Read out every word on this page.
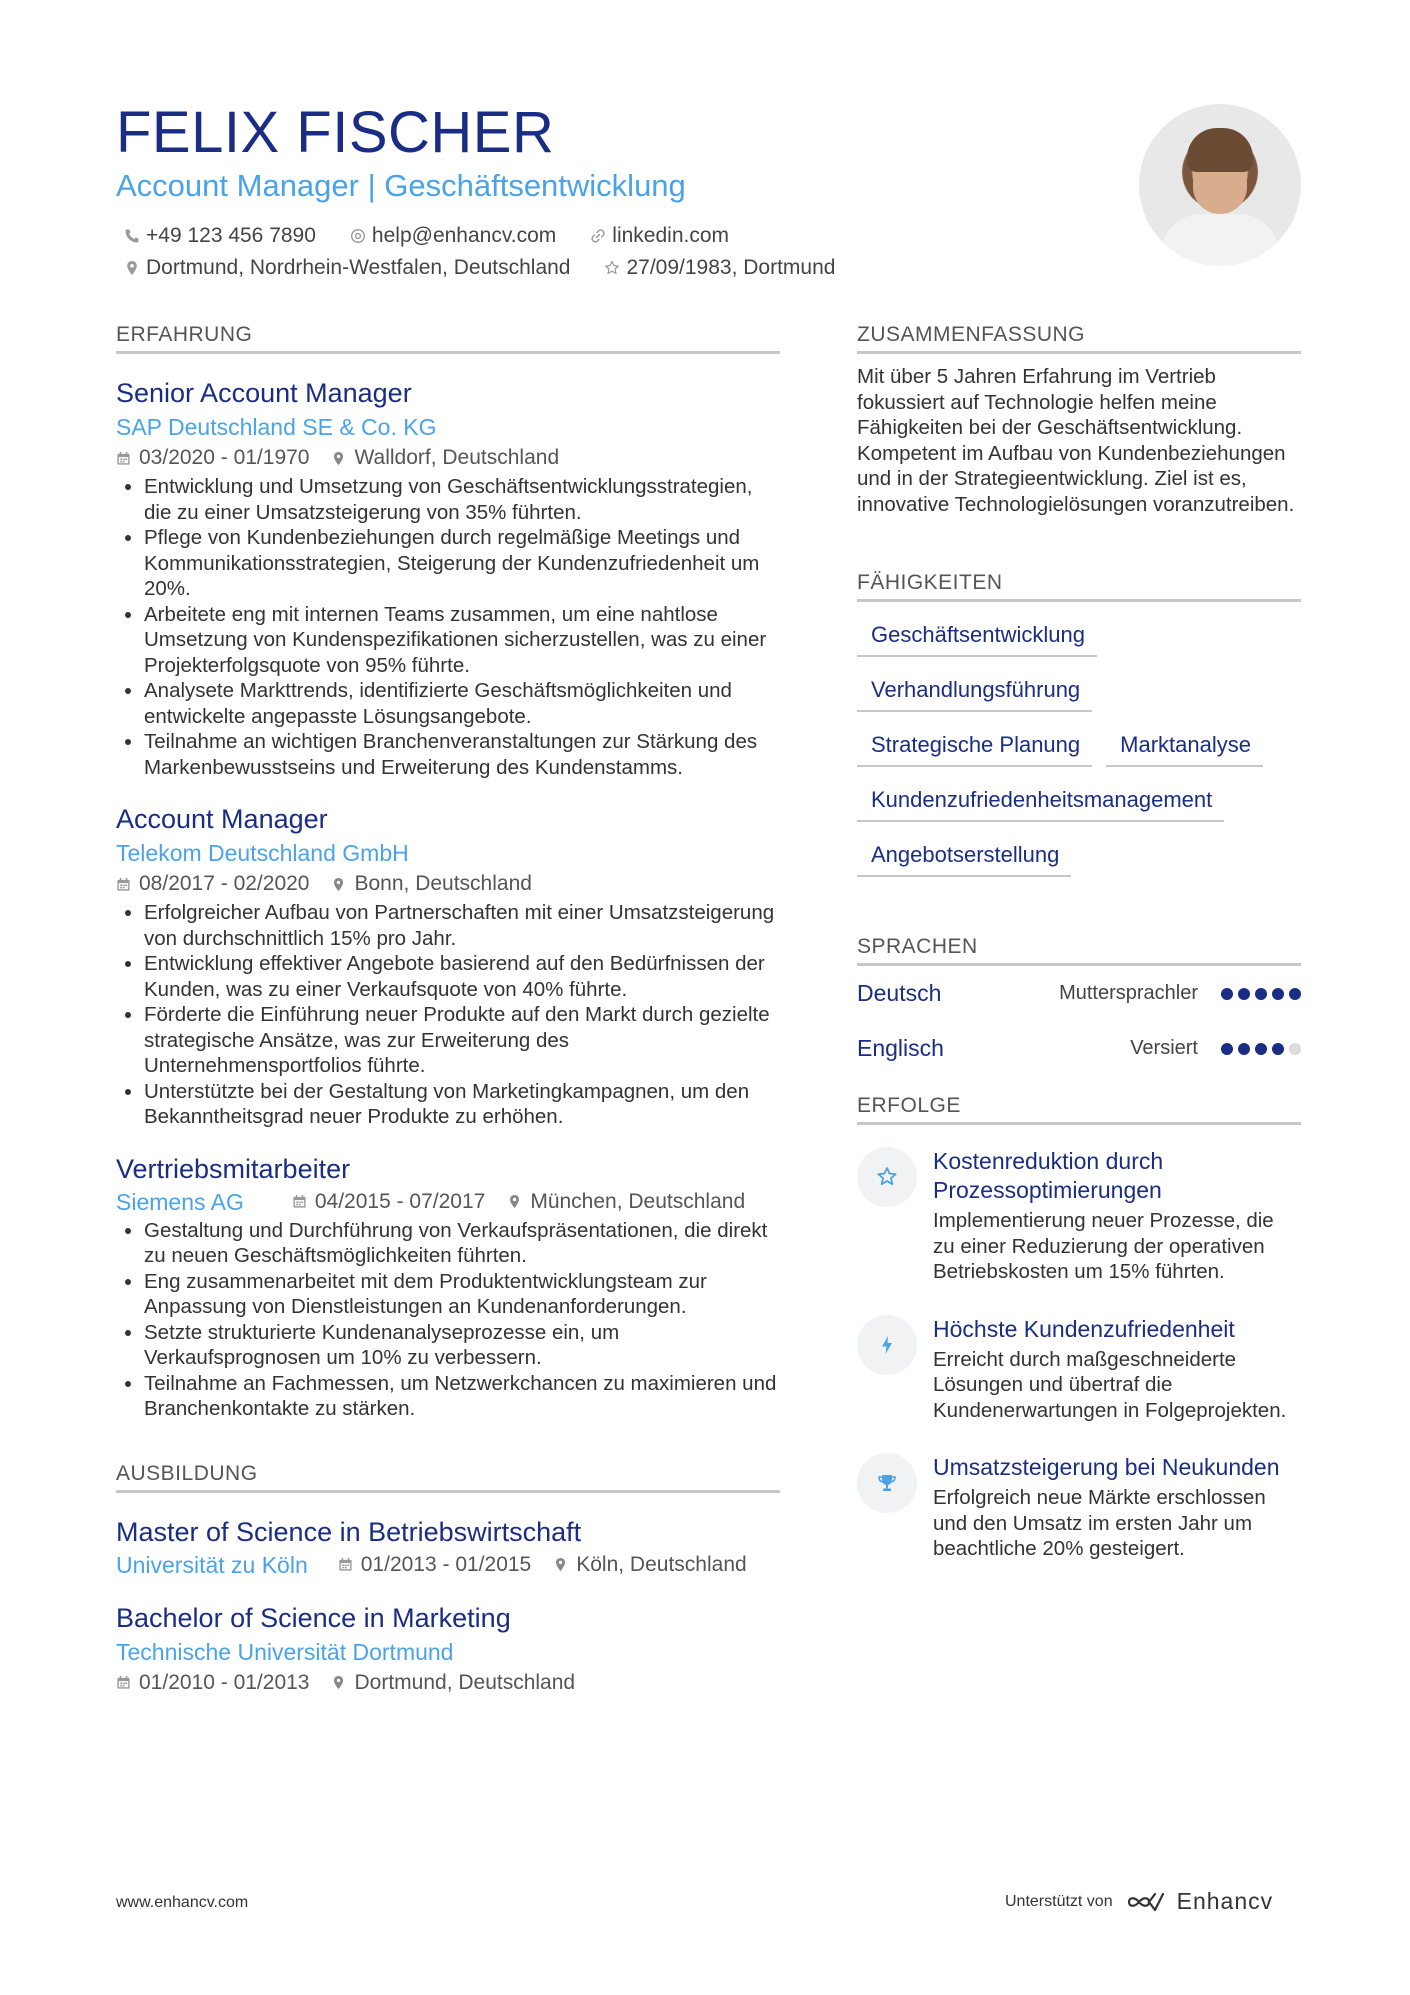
FELIX FISCHER
Account Manager | Geschäftsentwicklung
+49 123 456 7890	help@enhancv.com	linkedin.com
Dortmund, Nordrhein-Westfalen, Deutschland	27/09/1983, Dortmund
ERFAHRUNG
Senior Account Manager
SAP Deutschland SE & Co. KG
03/2020 - 01/1970 Walldorf, Deutschland
• Entwicklung und Umsetzung von Geschäftsentwicklungsstrategien, die zu einer Umsatzsteigerung von 35% führten.
• Pflege von Kundenbeziehungen durch regelmäßige Meetings und Kommunikationsstrategien, Steigerung der Kundenzufriedenheit um 20%.
• Arbeitete eng mit internen Teams zusammen, um eine nahtlose Umsetzung von Kundenspezifikationen sicherzustellen, was zu einer Projekterfolgsquote von 95% führte.
• Analysete Markttrends, identifizierte Geschäftsmöglichkeiten und entwickelte angepasste Lösungsangebote.
• Teilnahme an wichtigen Branchenveranstaltungen zur Stärkung des Markenbewusstseins und Erweiterung des Kundenstamms.
Account Manager
Telekom Deutschland GmbH
08/2017 - 02/2020 Bonn, Deutschland
• Erfolgreicher Aufbau von Partnerschaften mit einer Umsatzsteigerung von durchschnittlich 15% pro Jahr.
• Entwicklung effektiver Angebote basierend auf den Bedürfnissen der Kunden, was zu einer Verkaufsquote von 40% führte.
• Förderte die Einführung neuer Produkte auf den Markt durch gezielte strategische Ansätze, was zur Erweiterung des Unternehmensportfolios führte.
• Unterstützte bei der Gestaltung von Marketingkampagnen, um den Bekanntheitsgrad neuer Produkte zu erhöhen.
Vertriebsmitarbeiter
Siemens AG	04/2015 - 07/2017 München, Deutschland
• Gestaltung und Durchführung von Verkaufspräsentationen, die direkt zu neuen Geschäftsmöglichkeiten führten.
• Eng zusammenarbeitet mit dem Produktentwicklungsteam zur Anpassung von Dienstleistungen an Kundenanforderungen.
• Setzte strukturierte Kundenanalyseprozesse ein, um Verkaufsprognosen um 10% zu verbessern.
• Teilnahme an Fachmessen, um Netzwerkchancen zu maximieren und Branchenkontakte zu stärken.
AUSBILDUNG
Master of Science in Betriebswirtschaft
Universität zu Köln	01/2013 - 01/2015 Köln, Deutschland
Bachelor of Science in Marketing
Technische Universität Dortmund
01/2010 - 01/2013 Dortmund, Deutschland
ZUSAMMENFASSUNG
Mit über 5 Jahren Erfahrung im Vertrieb fokussiert auf Technologie helfen meine Fähigkeiten bei der Geschäftsentwicklung. Kompetent im Aufbau von Kundenbeziehungen und in der Strategieentwicklung. Ziel ist es, innovative Technologielösungen voranzutreiben.
FÄHIGKEITEN
Geschäftsentwicklung
Verhandlungsführung
Strategische Planung	Marktanalyse
Kundenzufriedenheitsmanagement
Angebotserstellung
SPRACHEN
Deutsch	Muttersprachler
Englisch	Versiert
ERFOLGE
Kostenreduktion durch Prozessoptimierungen
Implementierung neuer Prozesse, die zu einer Reduzierung der operativen Betriebskosten um 15% führten.
Höchste Kundenzufriedenheit
Erreicht durch maßgeschneiderte Lösungen und übertraf die Kundenerwartungen in Folgeprojekten.
Umsatzsteigerung bei Neukunden
Erfolgreich neue Märkte erschlossen und den Umsatz im ersten Jahr um beachtliche 20% gesteigert.
www.enhancv.com	Unterstützt von	Enhancv
